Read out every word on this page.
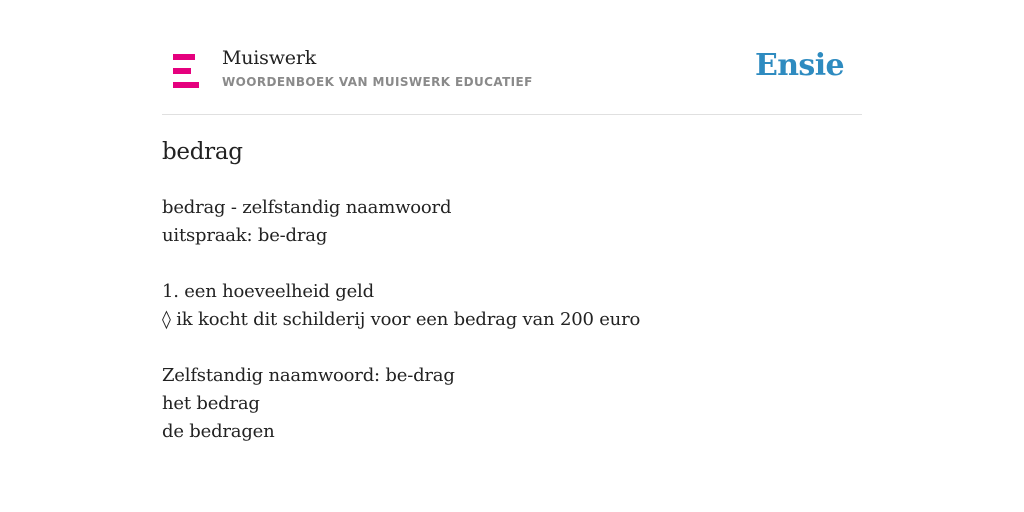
Muiswerk
WOORDENBOEK VAN MUISWERK EDUCATIEF	Ensie
bedrag
bedrag - zelfstandig naamwoord
uitspraak: be-drag
1. een hoeveelheid geld
◊ ik kocht dit schilderij voor een bedrag van 200 euro
Zelfstandig naamwoord: be-drag
het bedrag
de bedragen
